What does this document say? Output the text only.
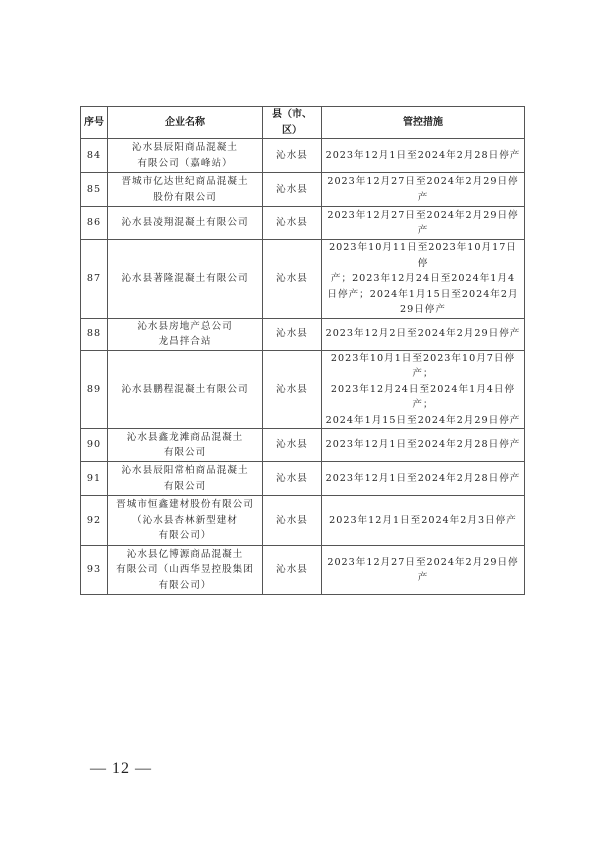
序号	企业名称	县（市、区）	管控措施
84	沁水县辰阳商品混凝土
有限公司（嘉峰站）	沁水县	2023年12月1日至2024年2月28日停产

85	晋城市亿达世纪商品混凝土
股份有限公司	沁水县	2023年12月27日至2024年2月29日停产

86	沁水县凌翔混凝土有限公司	沁水县	2023年12月27日至2024年2月29日停产

87	沁水县著隆混凝土有限公司	沁水县	2023年10月11日至2023年10月17日停
产；2023年12月24日至2024年1月4
日停产；2024年1月15日至2024年2月
29日停产

88	沁水县房地产总公司
龙昌拌合站	沁水县	2023年12月2日至2024年2月29日停产

89	沁水县鹏程混凝土有限公司	沁水县	2023年10月1日至2023年10月7日停产；
2023年12月24日至2024年1月4日停产；
2024年1月15日至2024年2月29日停产

90	沁水县鑫龙滩商品混凝土
有限公司	沁水县	2023年12月1日至2024年2月28日停产

91	沁水县辰阳常柏商品混凝土
有限公司	沁水县	2023年12月1日至2024年2月28日停产

92	晋城市恒鑫建材股份有限公司
（沁水县杏林新型建材
有限公司）	沁水县	2023年12月1日至2024年2月3日停产

93	沁水县亿博源商品混凝土
有限公司（山西华昱控股集团
有限公司）	沁水县	2023年12月27日至2024年2月29日停产
— 12 —
